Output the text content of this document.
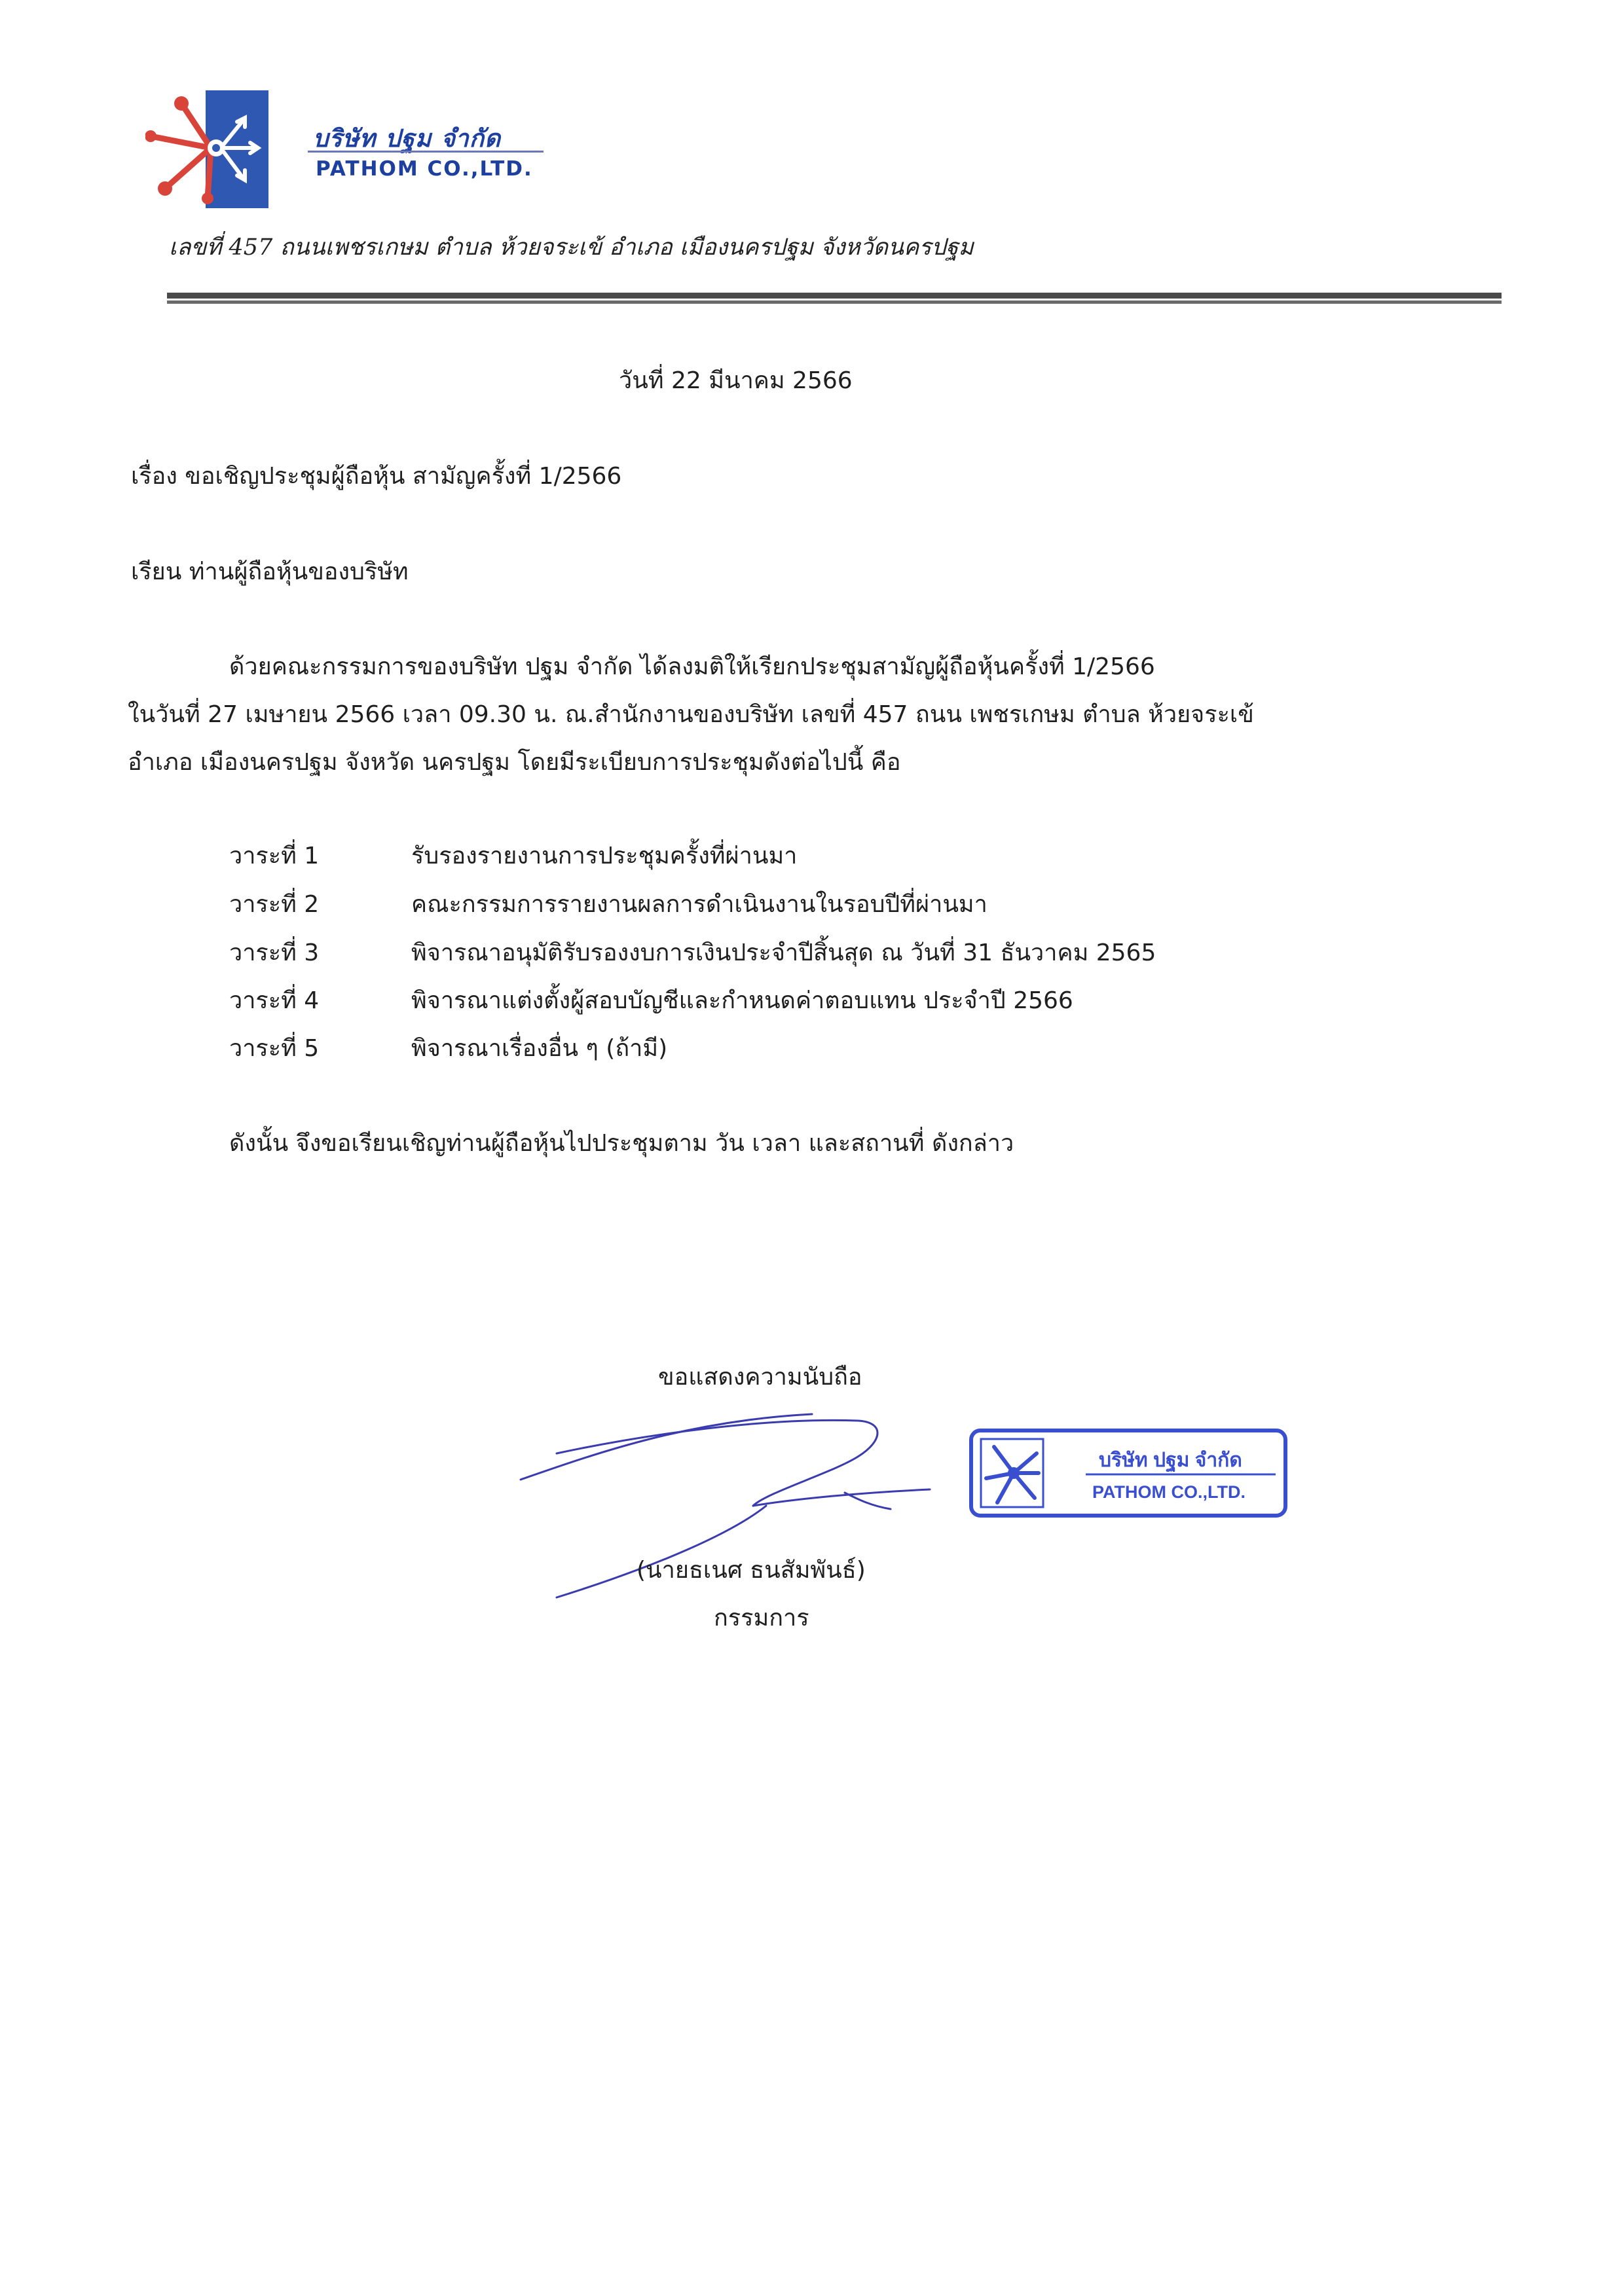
บริษัท ปฐม จำกัด
PATHOM CO.,LTD.
เลขที่ 457 ถนนเพชรเกษม ตำบล ห้วยจระเข้ อำเภอ เมืองนครปฐม จังหวัดนครปฐม
วันที่ 22 มีนาคม 2566
เรื่อง ขอเชิญประชุมผู้ถือหุ้น สามัญครั้งที่ 1/2566
เรียน ท่านผู้ถือหุ้นของบริษัท
ด้วยคณะกรรมการของบริษัท ปฐม จำกัด ได้ลงมติให้เรียกประชุมสามัญผู้ถือหุ้นครั้งที่ 1/2566
ในวันที่ 27 เมษายน 2566 เวลา 09.30 น. ณ.สำนักงานของบริษัท เลขที่ 457 ถนน เพชรเกษม ตำบล ห้วยจระเข้
อำเภอ เมืองนครปฐม จังหวัด นครปฐม โดยมีระเบียบการประชุมดังต่อไปนี้ คือ
วาระที่ 1	รับรองรายงานการประชุมครั้งที่ผ่านมา
วาระที่ 2	คณะกรรมการรายงานผลการดำเนินงานในรอบปีที่ผ่านมา
วาระที่ 3	พิจารณาอนุมัติรับรองงบการเงินประจำปีสิ้นสุด ณ วันที่ 31 ธันวาคม 2565
วาระที่ 4	พิจารณาแต่งตั้งผู้สอบบัญชีและกำหนดค่าตอบแทน ประจำปี 2566
วาระที่ 5	พิจารณาเรื่องอื่น ๆ (ถ้ามี)
ดังนั้น จึงขอเรียนเชิญท่านผู้ถือหุ้นไปประชุมตาม วัน เวลา และสถานที่ ดังกล่าว
ขอแสดงความนับถือ
(นายธเนศ ธนสัมพันธ์)
กรรมการ
บริษัท ปฐม จำกัด
PATHOM CO.,LTD.
